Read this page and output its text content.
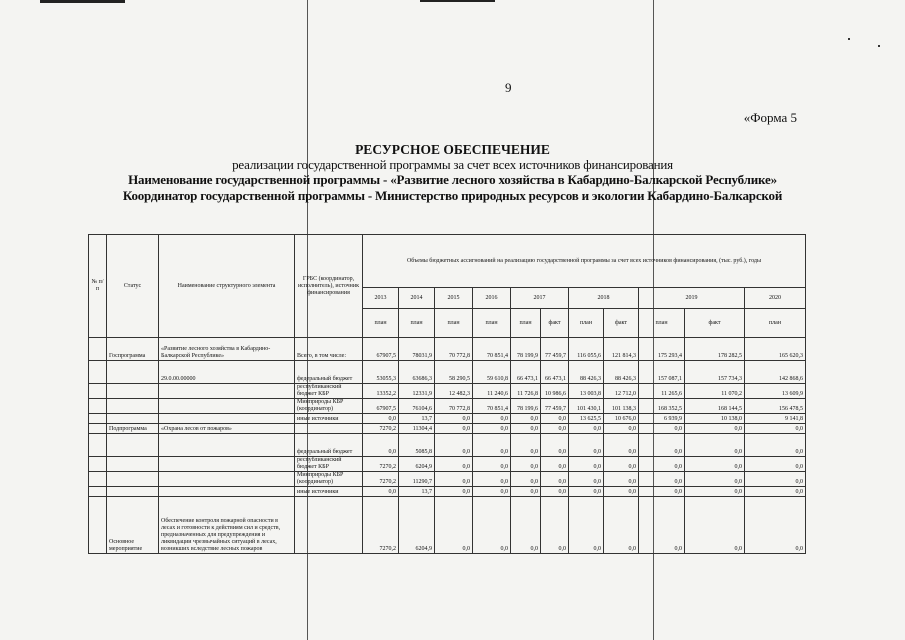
9
«Форма 5
РЕСУРСНОЕ ОБЕСПЕЧЕНИЕ
реализации государственной программы за счет всех источников финансирования
Наименование государственной программы - «Развитие лесного хозяйства в Кабардино-Балкарской Республике»
Координатор государственной программы - Министерство природных ресурсов и экологии Кабардино-Балкарской
№ п/п	Статус	Наименование структурного элемента	ГРБС (координатор, исполнитель), источник финансирования	Объемы бюджетных ассигнований на реализацию государственной программы за счет всех источников финансирования, (тыс. руб.), годы										
				2013	2014	2015	2016	2017		2018		2019		2020
				план	план	план	план	план	факт	план	факт	план	факт	план
	Госпрограмма	«Развитие лесного хозяйства в Кабардино-Балкарской Республике»	Всего, в том числе:	67907,5	78031,9	70 772,8	70 851,4	78 199,9	77 459,7	116 055,6	121 814,3	175 293,4	178 282,5	165 620,3
		29.0.00.00000	федеральный бюджет	53055,3	63686,3	58 290,5	59 610,8	66 473,1	66 473,1	88 426,3	88 426,3	157 087,1	157 734,3	142 868,6
			республиканский бюджет КБР	13352,2	12331,9	12 482,3	11 240,6	11 726,8	10 986,6	13 003,8	12 712,0	11 265,6	11 070,2	13 609,9
			Минприроды КБР (координатор)	67907,5	76104,6	70 772,8	70 851,4	78 199,6	77 459,7	101 430,1	101 138,3	168 352,5	168 144,5	156 478,5
			иные источники	0,0	13,7	0,0	0,0	0,0	0,0	13 625,5	10 676,0	6 939,9	10 138,0	9 141,8
	Подпрограмма	«Охрана лесов от пожаров»		7270,2	11304,4	0,0	0,0	0,0	0,0	0,0	0,0	0,0	0,0	0,0
			федеральный бюджет	0,0	5085,8	0,0	0,0	0,0	0,0	0,0	0,0	0,0	0,0	0,0
			республиканский бюджет КБР	7270,2	6204,9	0,0	0,0	0,0	0,0	0,0	0,0	0,0	0,0	0,0
			Минприроды КБР (координатор)	7270,2	11290,7	0,0	0,0	0,0	0,0	0,0	0,0	0,0	0,0	0,0
			иные источники	0,0	13,7	0,0	0,0	0,0	0,0	0,0	0,0	0,0	0,0	0,0
	Основное мероприятие	Обеспечение контроля пожарной опасности в лесах и готовности к действиям сил и средств, предназначенных для предупреждения и ликвидации чрезвычайных ситуаций в лесах, возникших вследствие лесных пожаров		7270,2	6204,9	0,0	0,0	0,0	0,0	0,0	0,0	0,0	0,0	0,0
